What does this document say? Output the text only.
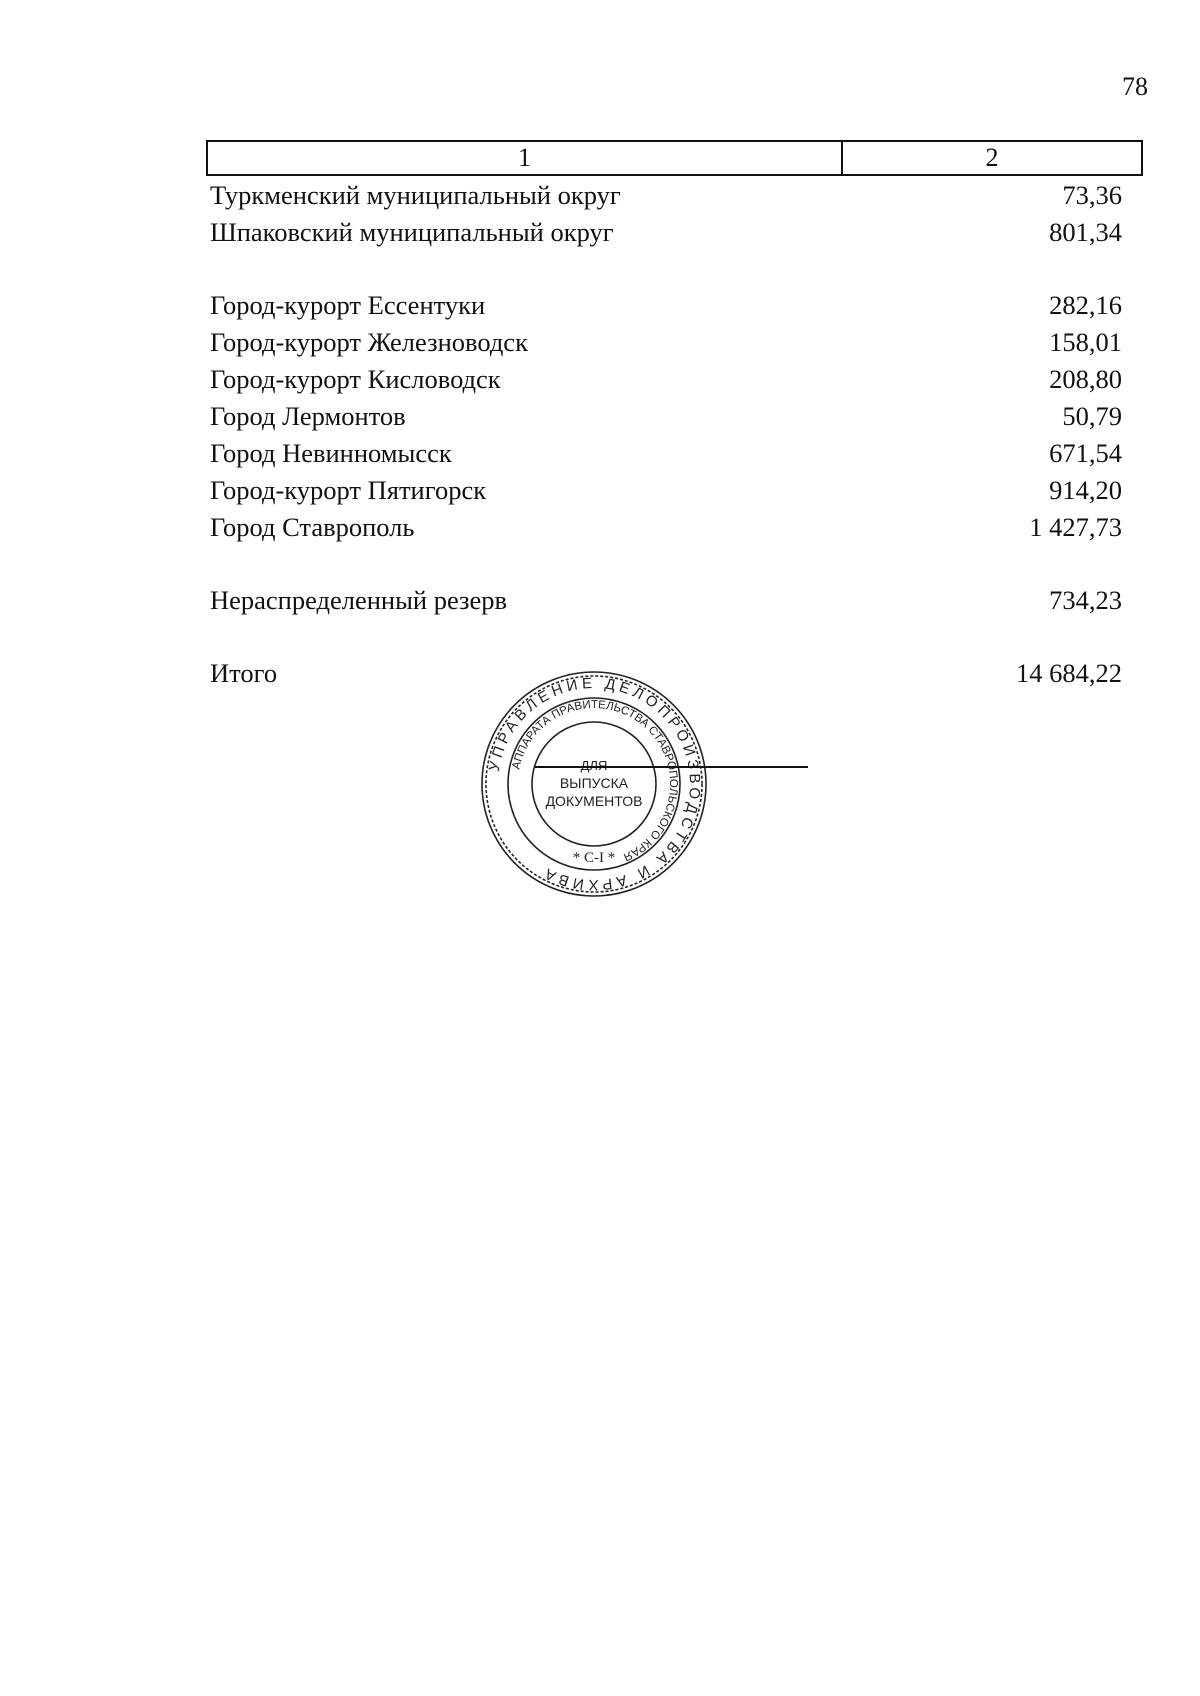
78
1	2
Туркменский муниципальный округ	73,36
Шпаковский муниципальный округ	801,34
Город-курорт Ессентуки	282,16
Город-курорт Железноводск	158,01
Город-курорт Кисловодск	208,80
Город Лермонтов	50,79
Город Невинномысск	671,54
Город-курорт Пятигорск	914,20
Город Ставрополь	1 427,73
Нераспределенный резерв	734,23
Итого	14 684,22
УПРАВЛЕНИЕ ДЕЛОПРОИЗВОДСТВА И АРХИВА
АППАРАТА ПРАВИТЕЛЬСТВА СТАВРОПОЛЬСКОГО КРАЯ
ДЛЯ
ВЫПУСКА
ДОКУМЕНТОВ
* С-I *
